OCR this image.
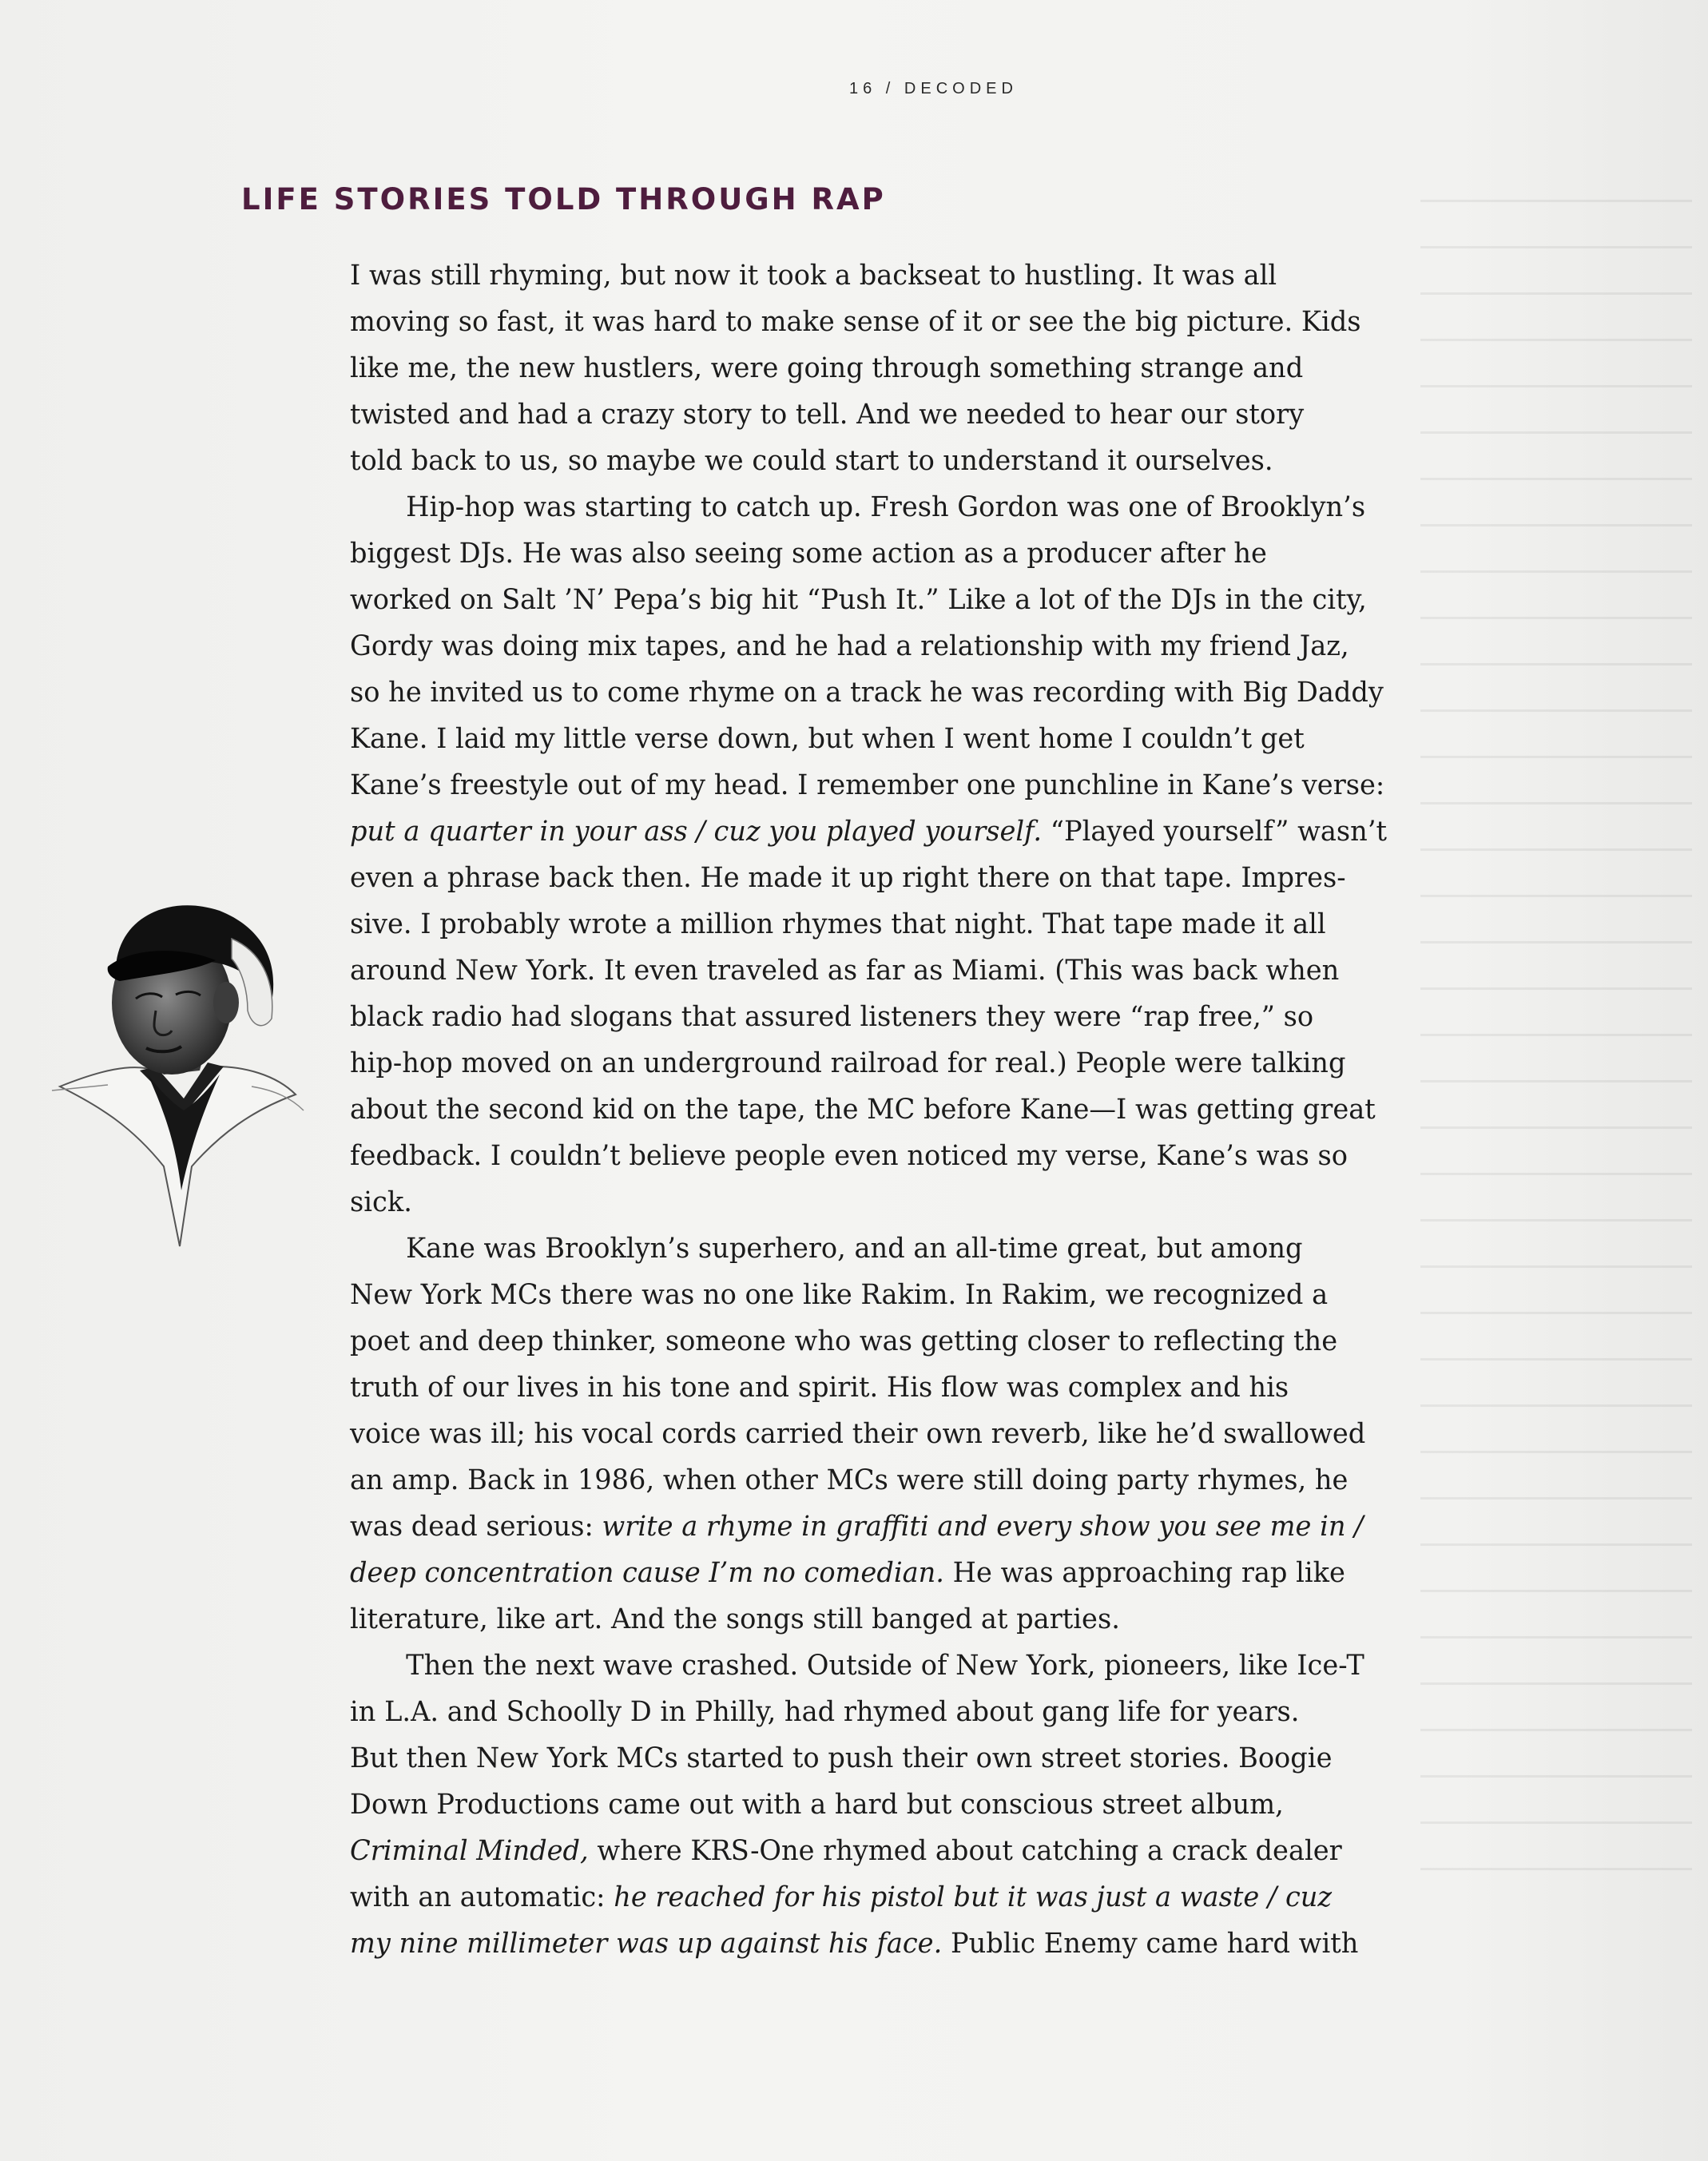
16 / DECODED
LIFE STORIES TOLD THROUGH RAP
I was still rhyming, but now it took a backseat to hustling. It was all
moving so fast, it was hard to make sense of it or see the big picture. Kids
like me, the new hustlers, were going through something strange and
twisted and had a crazy story to tell. And we needed to hear our story
told back to us, so maybe we could start to understand it ourselves.
Hip-hop was starting to catch up. Fresh Gordon was one of Brooklyn’s
biggest DJs. He was also seeing some action as a producer after he
worked on Salt ’N’ Pepa’s big hit “Push It.” Like a lot of the DJs in the city,
Gordy was doing mix tapes, and he had a relationship with my friend Jaz,
so he invited us to come rhyme on a track he was recording with Big Daddy
Kane. I laid my little verse down, but when I went home I couldn’t get
Kane’s freestyle out of my head. I remember one punchline in Kane’s verse:
put a quarter in your ass / cuz you played yourself. “Played yourself” wasn’t
even a phrase back then. He made it up right there on that tape. Impres-
sive. I probably wrote a million rhymes that night. That tape made it all
around New York. It even traveled as far as Miami. (This was back when
black radio had slogans that assured listeners they were “rap free,” so
hip-hop moved on an underground railroad for real.) People were talking
about the second kid on the tape, the MC before Kane—I was getting great
feedback. I couldn’t believe people even noticed my verse, Kane’s was so
sick.
Kane was Brooklyn’s superhero, and an all-time great, but among
New York MCs there was no one like Rakim. In Rakim, we recognized a
poet and deep thinker, someone who was getting closer to reflecting the
truth of our lives in his tone and spirit. His flow was complex and his
voice was ill; his vocal cords carried their own reverb, like he’d swallowed
an amp. Back in 1986, when other MCs were still doing party rhymes, he
was dead serious: write a rhyme in graffiti and every show you see me in /
deep concentration cause I’m no comedian. He was approaching rap like
literature, like art. And the songs still banged at parties.
Then the next wave crashed. Outside of New York, pioneers, like Ice-T
in L.A. and Schoolly D in Philly, had rhymed about gang life for years.
But then New York MCs started to push their own street stories. Boogie
Down Productions came out with a hard but conscious street album,
Criminal Minded, where KRS-One rhymed about catching a crack dealer
with an automatic: he reached for his pistol but it was just a waste / cuz
my nine millimeter was up against his face. Public Enemy came hard with
